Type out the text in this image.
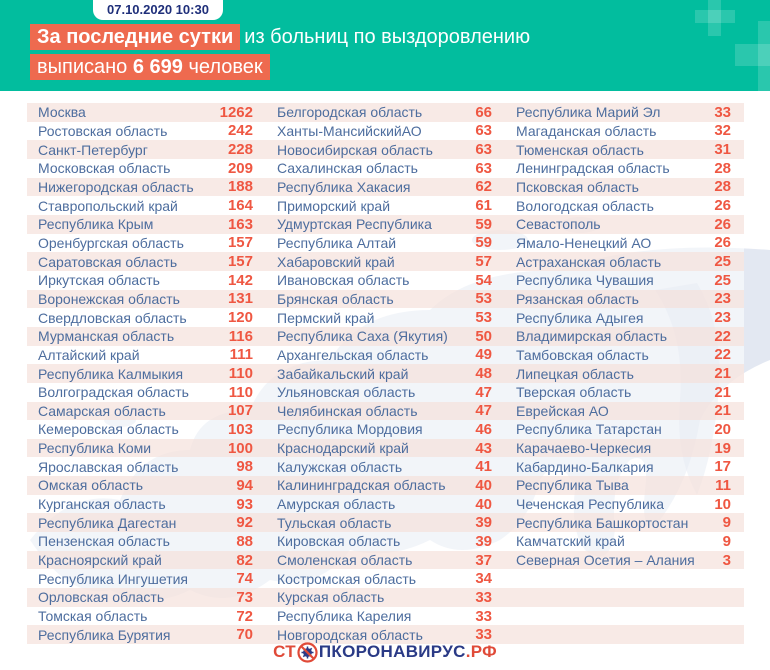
07.10.2020 10:30
За последние сутки из больниц по выздоровлению
выписано 6 699 человек
Москва	1262 Белгородская область	66 Республика Марий Эл	33
Ростовская область	242 Ханты-МансийскийАО	63 Магаданская область	32
Санкт-Петербург	228 Новосибирская область	63 Тюменская область	31
Московская область	209 Сахалинская область	63 Ленинградская область	28
Нижегородская область 188 Республика Хакасия	62 Псковская область	28
Ставропольский край	164 Приморский край	61 Вологодская область	26
Республика Крым	163 Удмуртская Республика	59 Севастополь	26
Оренбургская область	157 Республика Алтай	59 Ямало-Ненецкий АО	26
Саратовская область	157 Хабаровский край	57 Астраханская область	25
Иркутская область	142 Ивановская область	54 Республика Чувашия	25
Воронежская область	131 Брянская область	53 Рязанская область	23
Свердловская область	120 Пермский край	53 Республика Адыгея	23
Мурманская область	116 Республика Саха (Якутия) 50 Владимирская область	22
Алтайский край	111 Архангельская область	49 Тамбовская область	22
Республика Калмыкия	110 Забайкальский край	48 Липецкая область	21
Волгоградская область	110 Ульяновская область	47 Тверская область	21
Самарская область	107 Челябинская область	47 Еврейская АО	21
Кемеровская область	103 Республика Мордовия	46 Республика Татарстан	20
Республика Коми	100 Краснодарский край	43 Карачаево-Черкесия	19
Ярославская область	98 Калужская область	41 Кабардино-Балкария	17
Омская область	94 Калининградская область 40 Республика Тыва	11
Курганская область	93 Амурская область	40 Чеченская Республика	10
Республика Дагестан	92 Тульская область	39 Республика Башкортостан 9
Пензенская область	88 Кировская область	39 Камчатский край	9
Красноярский край	82 Смоленская область	37 Северная Осетия – Алания 3
Республика Ингушетия	74 Костромская область	34
Орловская область	73 Курская область	33
Томская область	72 Республика Карелия	33
Республика Бурятия	70 Новгородская область	33
СТ ПКОРОНАВИРУС .РФ
